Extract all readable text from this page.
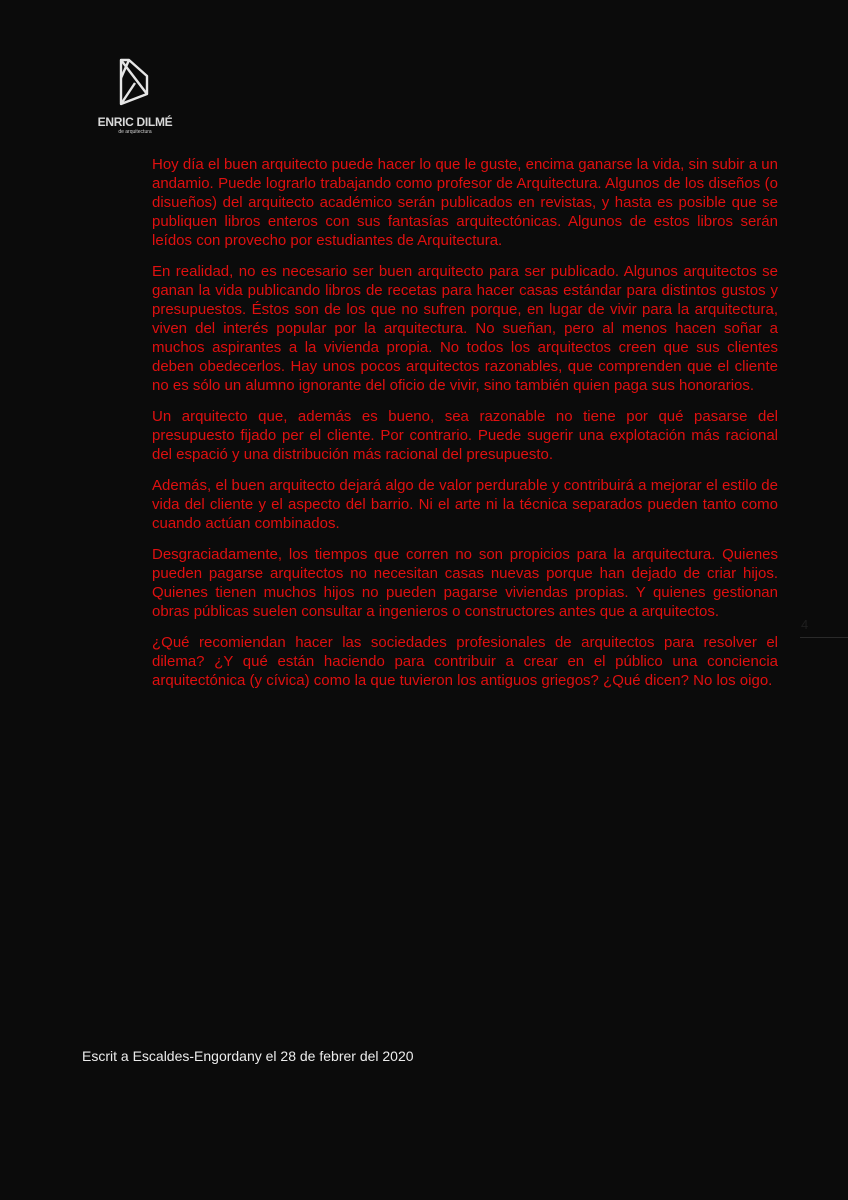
ENRIC DILMÉ
de arquitectura

Hoy día el buen arquitecto puede hacer lo que le guste, encima ganarse la vida, sin subir a un andamio. Puede lograrlo trabajando como profesor de Arquitectura. Algunos de los diseños (o disueños) del arquitecto académico serán publicados en revistas, y hasta es posible que se publiquen libros enteros con sus fantasías arquitectónicas. Algunos de estos libros serán leídos con provecho por estudiantes de Arquitectura.

En realidad, no es necesario ser buen arquitecto para ser publicado. Algunos arquitectos se ganan la vida publicando libros de recetas para hacer casas estándar para distintos gustos y presupuestos. Éstos son de los que no sufren porque, en lugar de vivir para la arquitectura, viven del interés popular por la arquitectura. No sueñan, pero al menos hacen soñar a muchos aspirantes a la vivienda propia. No todos los arquitectos creen que sus clientes deben obedecerlos. Hay unos pocos arquitectos razonables, que comprenden que el cliente no es sólo un alumno ignorante del oficio de vivir, sino también quien paga sus honorarios.

Un arquitecto que, además es bueno, sea razonable no tiene por qué pasarse del presupuesto fijado per el cliente. Por contrario. Puede sugerir una explotación más racional del espació y una distribución más racional del presupuesto.

Además, el buen arquitecto dejará algo de valor perdurable y contribuirá a mejorar el estilo de vida del cliente y el aspecto del barrio. Ni el arte ni la técnica separados pueden tanto como cuando actúan combinados.

Desgraciadamente, los tiempos que corren no son propicios para la arquitectura. Quienes pueden pagarse arquitectos no necesitan casas nuevas porque han dejado de criar hijos. Quienes tienen muchos hijos no pueden pagarse viviendas propias. Y quienes gestionan obras públicas suelen consultar a ingenieros o constructores antes que a arquitectos.

¿Qué recomiendan hacer las sociedades profesionales de arquitectos para resolver el dilema? ¿Y qué están haciendo para contribuir a crear en el público una conciencia arquitectónica (y cívica) como la que tuvieron los antiguos griegos? ¿Qué dicen? No los oigo.

4
Escrit a Escaldes-Engordany el 28 de febrer del 2020
